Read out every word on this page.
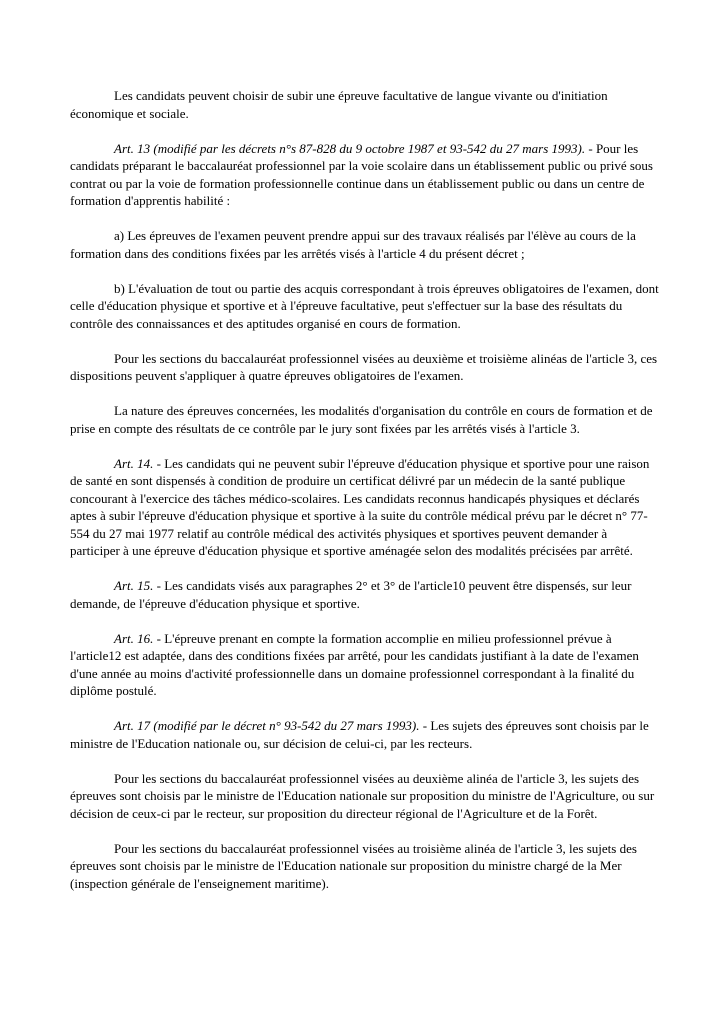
Les candidats peuvent choisir de subir une épreuve facultative de langue vivante ou d'initiation économique et sociale.

Art. 13 (modifié par les décrets n°s 87-828 du 9 octobre 1987 et 93-542 du 27 mars 1993). - Pour les candidats préparant le baccalauréat professionnel par la voie scolaire dans un établissement public ou privé sous contrat ou par la voie de formation professionnelle continue dans un établissement public ou dans un centre de formation d'apprentis habilité :

a) Les épreuves de l'examen peuvent prendre appui sur des travaux réalisés par l'élève au cours de la formation dans des conditions fixées par les arrêtés visés à l'article 4 du présent décret ;

b) L'évaluation de tout ou partie des acquis correspondant à trois épreuves obligatoires de l'examen, dont celle d'éducation physique et sportive et à l'épreuve facultative, peut s'effectuer sur la base des résultats du contrôle des connaissances et des aptitudes organisé en cours de formation.

Pour les sections du baccalauréat professionnel visées au deuxième et troisième alinéas de l'article 3, ces dispositions peuvent s'appliquer à quatre épreuves obligatoires de l'examen.

La nature des épreuves concernées, les modalités d'organisation du contrôle en cours de formation et de prise en compte des résultats de ce contrôle par le jury sont fixées par les arrêtés visés à l'article 3.

Art. 14. - Les candidats qui ne peuvent subir l'épreuve d'éducation physique et sportive pour une raison de santé en sont dispensés à condition de produire un certificat délivré par un médecin de la santé publique concourant à l'exercice des tâches médico-scolaires. Les candidats reconnus handicapés physiques et déclarés aptes à subir l'épreuve d'éducation physique et sportive à la suite du contrôle médical prévu par le décret n° 77-554 du 27 mai 1977 relatif au contrôle médical des activités physiques et sportives peuvent demander à participer à une épreuve d'éducation physique et sportive aménagée selon des modalités précisées par arrêté.

Art. 15. - Les candidats visés aux paragraphes 2° et 3° de l'article10 peuvent être dispensés, sur leur demande, de l'épreuve d'éducation physique et sportive.

Art. 16. - L'épreuve prenant en compte la formation accomplie en milieu professionnel prévue à l'article12 est adaptée, dans des conditions fixées par arrêté, pour les candidats justifiant à la date de l'examen d'une année au moins d'activité professionnelle dans un domaine professionnel correspondant à la finalité du diplôme postulé.

Art. 17 (modifié par le décret n° 93-542 du 27 mars 1993). - Les sujets des épreuves sont choisis par le ministre de l'Education nationale ou, sur décision de celui-ci, par les recteurs.

Pour les sections du baccalauréat professionnel visées au deuxième alinéa de l'article 3, les sujets des épreuves sont choisis par le ministre de l'Education nationale sur proposition du ministre de l'Agriculture, ou sur décision de ceux-ci par le recteur, sur proposition du directeur régional de l'Agriculture et de la Forêt.

Pour les sections du baccalauréat professionnel visées au troisième alinéa de l'article 3, les sujets des épreuves sont choisis par le ministre de l'Education nationale sur proposition du ministre chargé de la Mer (inspection générale de l'enseignement maritime).
